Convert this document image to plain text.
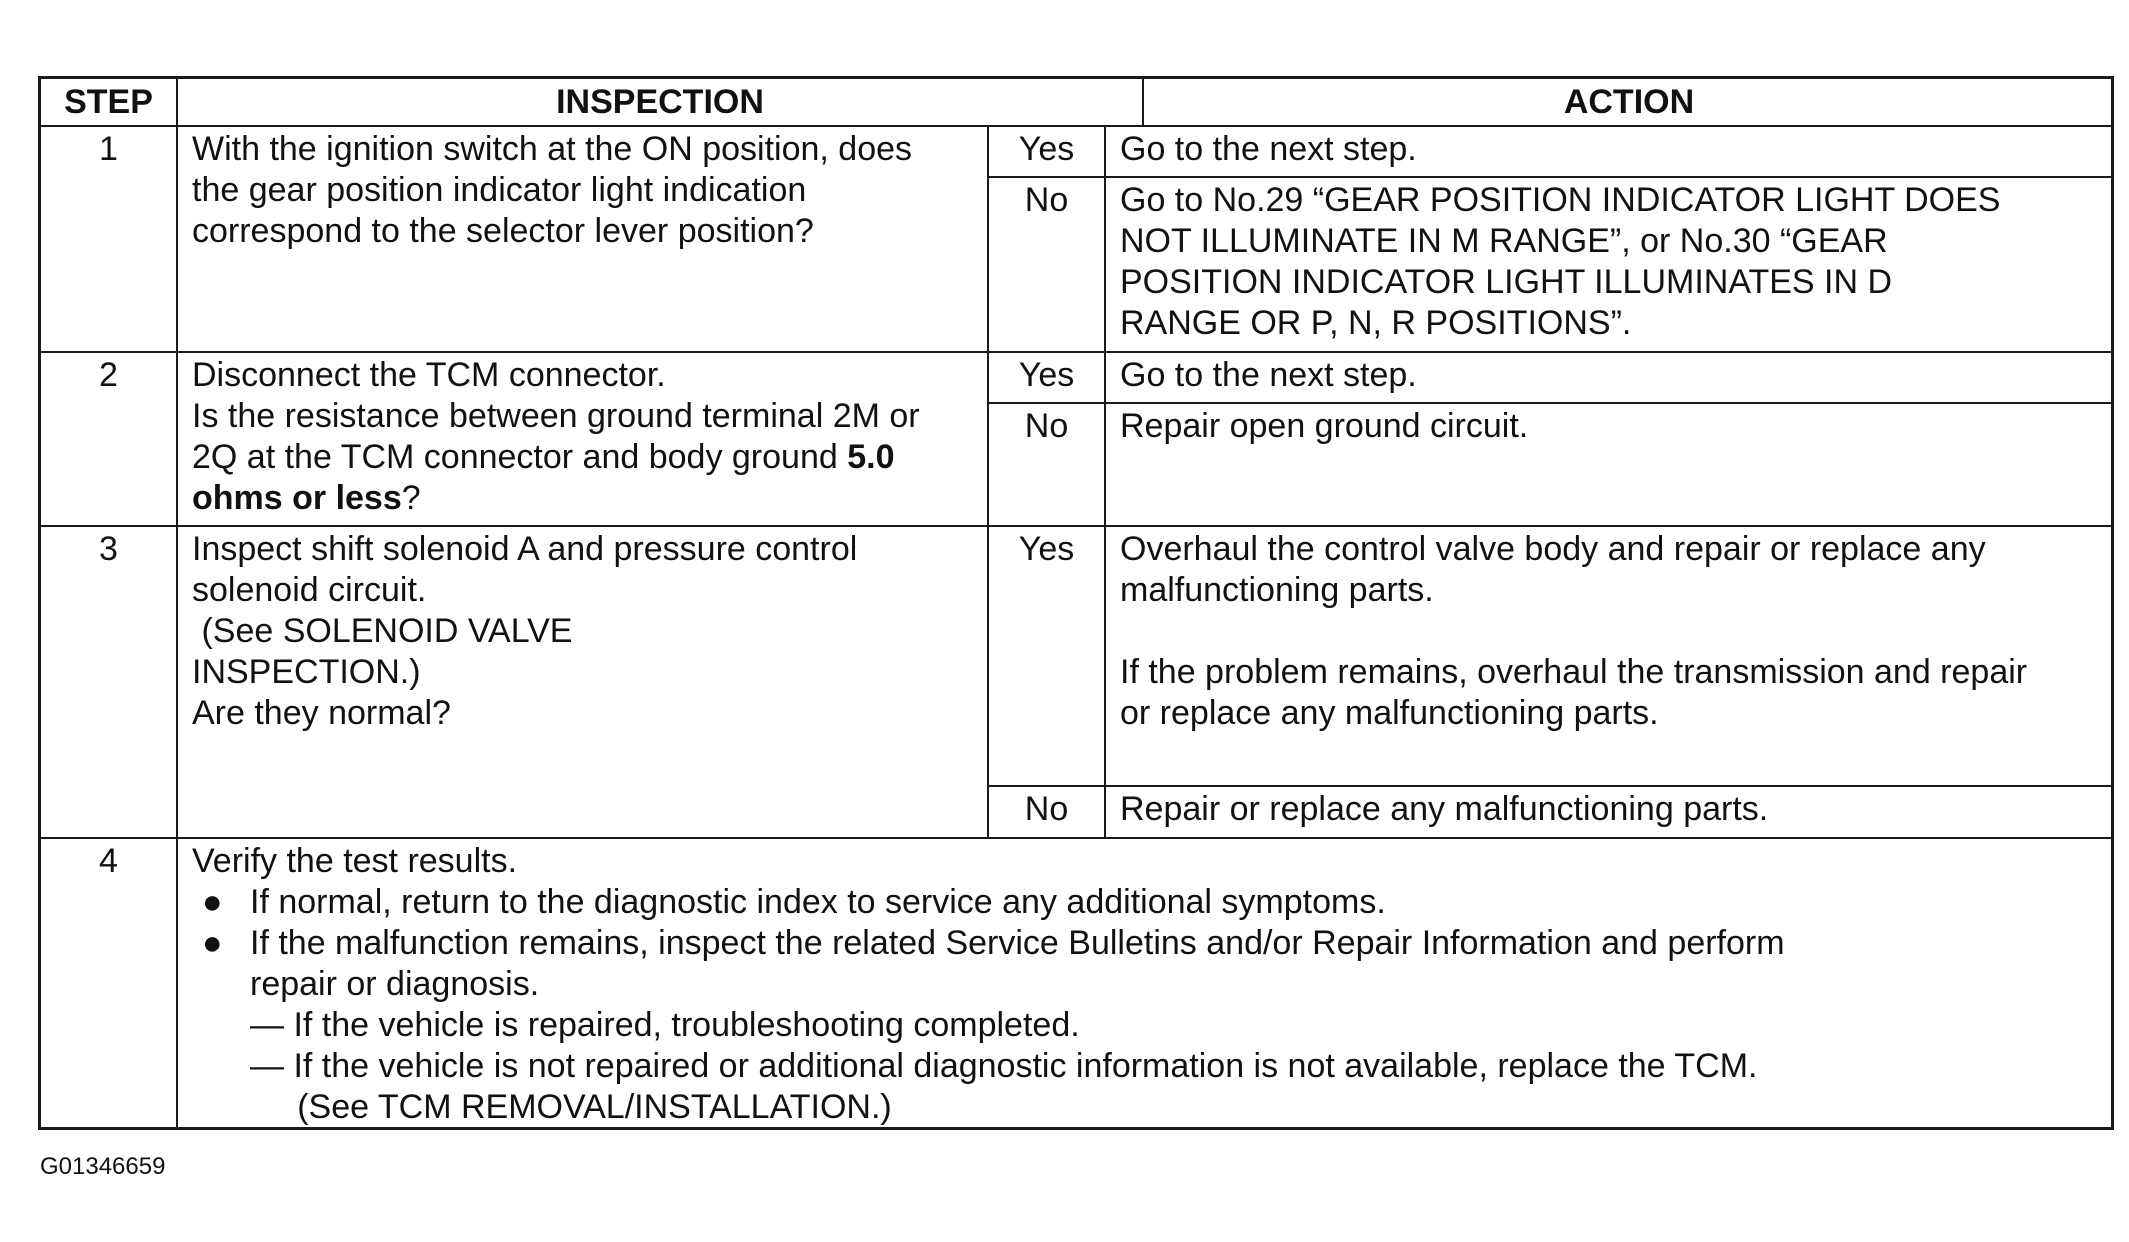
STEP	INSPECTION	ACTION
1	With the ignition switch at the ON position, does
the gear position indicator light indication
correspond to the selector lever position?
Yes	Go to the next step.
No	Go to No.29 “GEAR POSITION INDICATOR LIGHT DOES
NOT ILLUMINATE IN M RANGE”, or No.30 “GEAR
POSITION INDICATOR LIGHT ILLUMINATES IN D
RANGE OR P, N, R POSITIONS”.
2	Disconnect the TCM connector.
Is the resistance between ground terminal 2M or
2Q at the TCM connector and body ground 5.0
ohms or less?
Yes	Go to the next step.
No	Repair open ground circuit.
3	Inspect shift solenoid A and pressure control
solenoid circuit.
(See SOLENOID VALVE
INSPECTION.)
Are they normal?
Yes	Overhaul the control valve body and repair or replace any
malfunctioning parts.
If the problem remains, overhaul the transmission and repair
or replace any malfunctioning parts.
No	Repair or replace any malfunctioning parts.
4	Verify the test results.
● If normal, return to the diagnostic index to service any additional symptoms.
● If the malfunction remains, inspect the related Service Bulletins and/or Repair Information and perform
repair or diagnosis.
— If the vehicle is repaired, troubleshooting completed.
— If the vehicle is not repaired or additional diagnostic information is not available, replace the TCM.
(See TCM REMOVAL/INSTALLATION.)
G01346659
